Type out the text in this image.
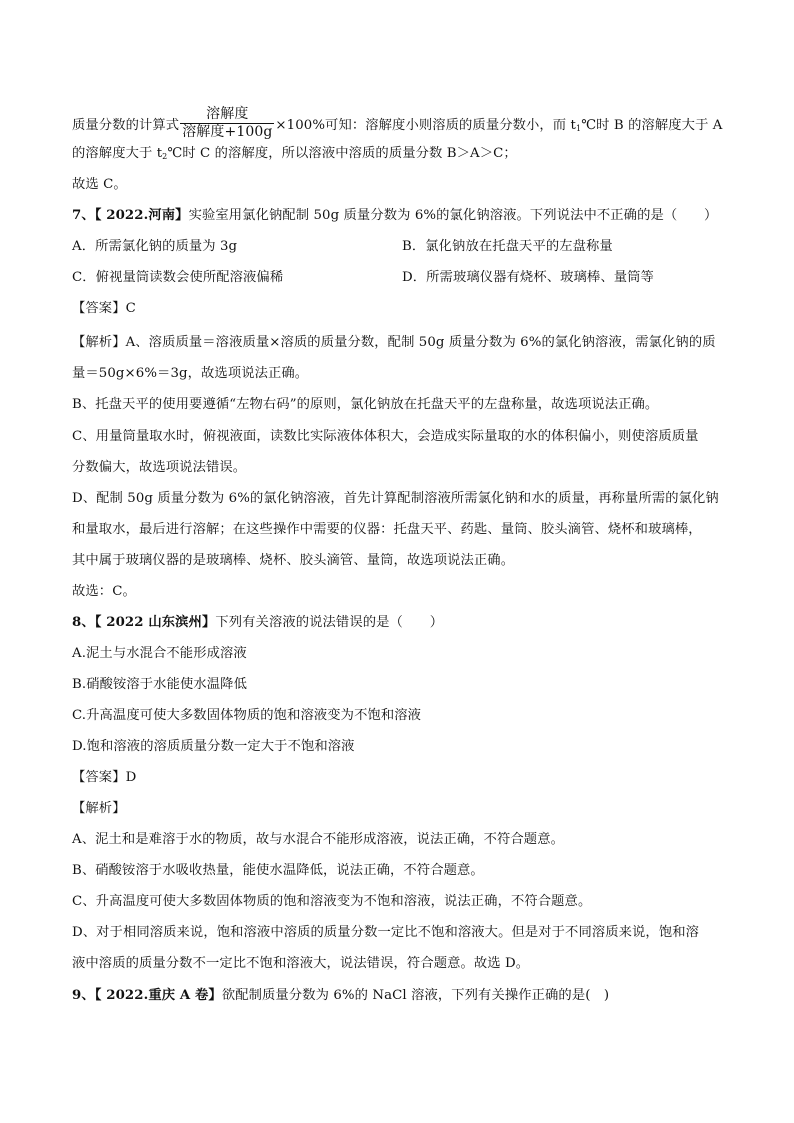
质量分数的计算式 $\frac{\text{溶解度}}{\text{溶解度+100g}} \times 100\%$可知：溶解度小则溶质的质量分数小，而 $t_1℃$时 B 的溶解度大于 A
的溶解度大于 $t_2℃$时 C 的溶解度，所以溶液中溶质的质量分数 B＞A＞C；
故选 C。
7、【 2022.河南】实验室用氯化钠配制 50g 质量分数为 6%的氯化钠溶液。下列说法中不正确的是（　　）
A．所需氯化钠的质量为 3g	B．氯化钠放在托盘天平的左盘称量
C．俯视量筒读数会使所配溶液偏稀	D．所需玻璃仪器有烧杯、玻璃棒、量筒等
【答案】C
【解析】A、溶质质量＝溶液质量×溶质的质量分数，配制 50g 质量分数为 6%的氯化钠溶液，需氯化钠的质
量＝50g×6%＝3g，故选项说法正确。
B、托盘天平的使用要遵循“左物右码”的原则，氯化钠放在托盘天平的左盘称量，故选项说法正确。
C、用量筒量取水时，俯视液面，读数比实际液体体积大，会造成实际量取的水的体积偏小，则使溶质质量
分数偏大，故选项说法错误。
D、配制 50g 质量分数为 6%的氯化钠溶液，首先计算配制溶液所需氯化钠和水的质量，再称量所需的氯化钠
和量取水，最后进行溶解；在这些操作中需要的仪器：托盘天平、药匙、量筒、胶头滴管、烧杯和玻璃棒，
其中属于玻璃仪器的是玻璃棒、烧杯、胶头滴管、量筒，故选项说法正确。
故选：C。
8、【 2022 山东滨州】下列有关溶液的说法错误的是（　　）
A.泥土与水混合不能形成溶液
B.硝酸铵溶于水能使水温降低
C.升高温度可使大多数固体物质的饱和溶液变为不饱和溶液
D.饱和溶液的溶质质量分数一定大于不饱和溶液
【答案】D
【解析】
A、泥土和是难溶于水的物质，故与水混合不能形成溶液，说法正确，不符合题意。
B、硝酸铵溶于水吸收热量，能使水温降低，说法正确，不符合题意。
C、升高温度可使大多数固体物质的饱和溶液变为不饱和溶液，说法正确，不符合题意。
D、对于相同溶质来说，饱和溶液中溶质的质量分数一定比不饱和溶液大。但是对于不同溶质来说，饱和溶
液中溶质的质量分数不一定比不饱和溶液大，说法错误，符合题意。故选 D。
9、【 2022.重庆 A 卷】欲配制质量分数为 6%的 NaCl 溶液，下列有关操作正确的是(　)
